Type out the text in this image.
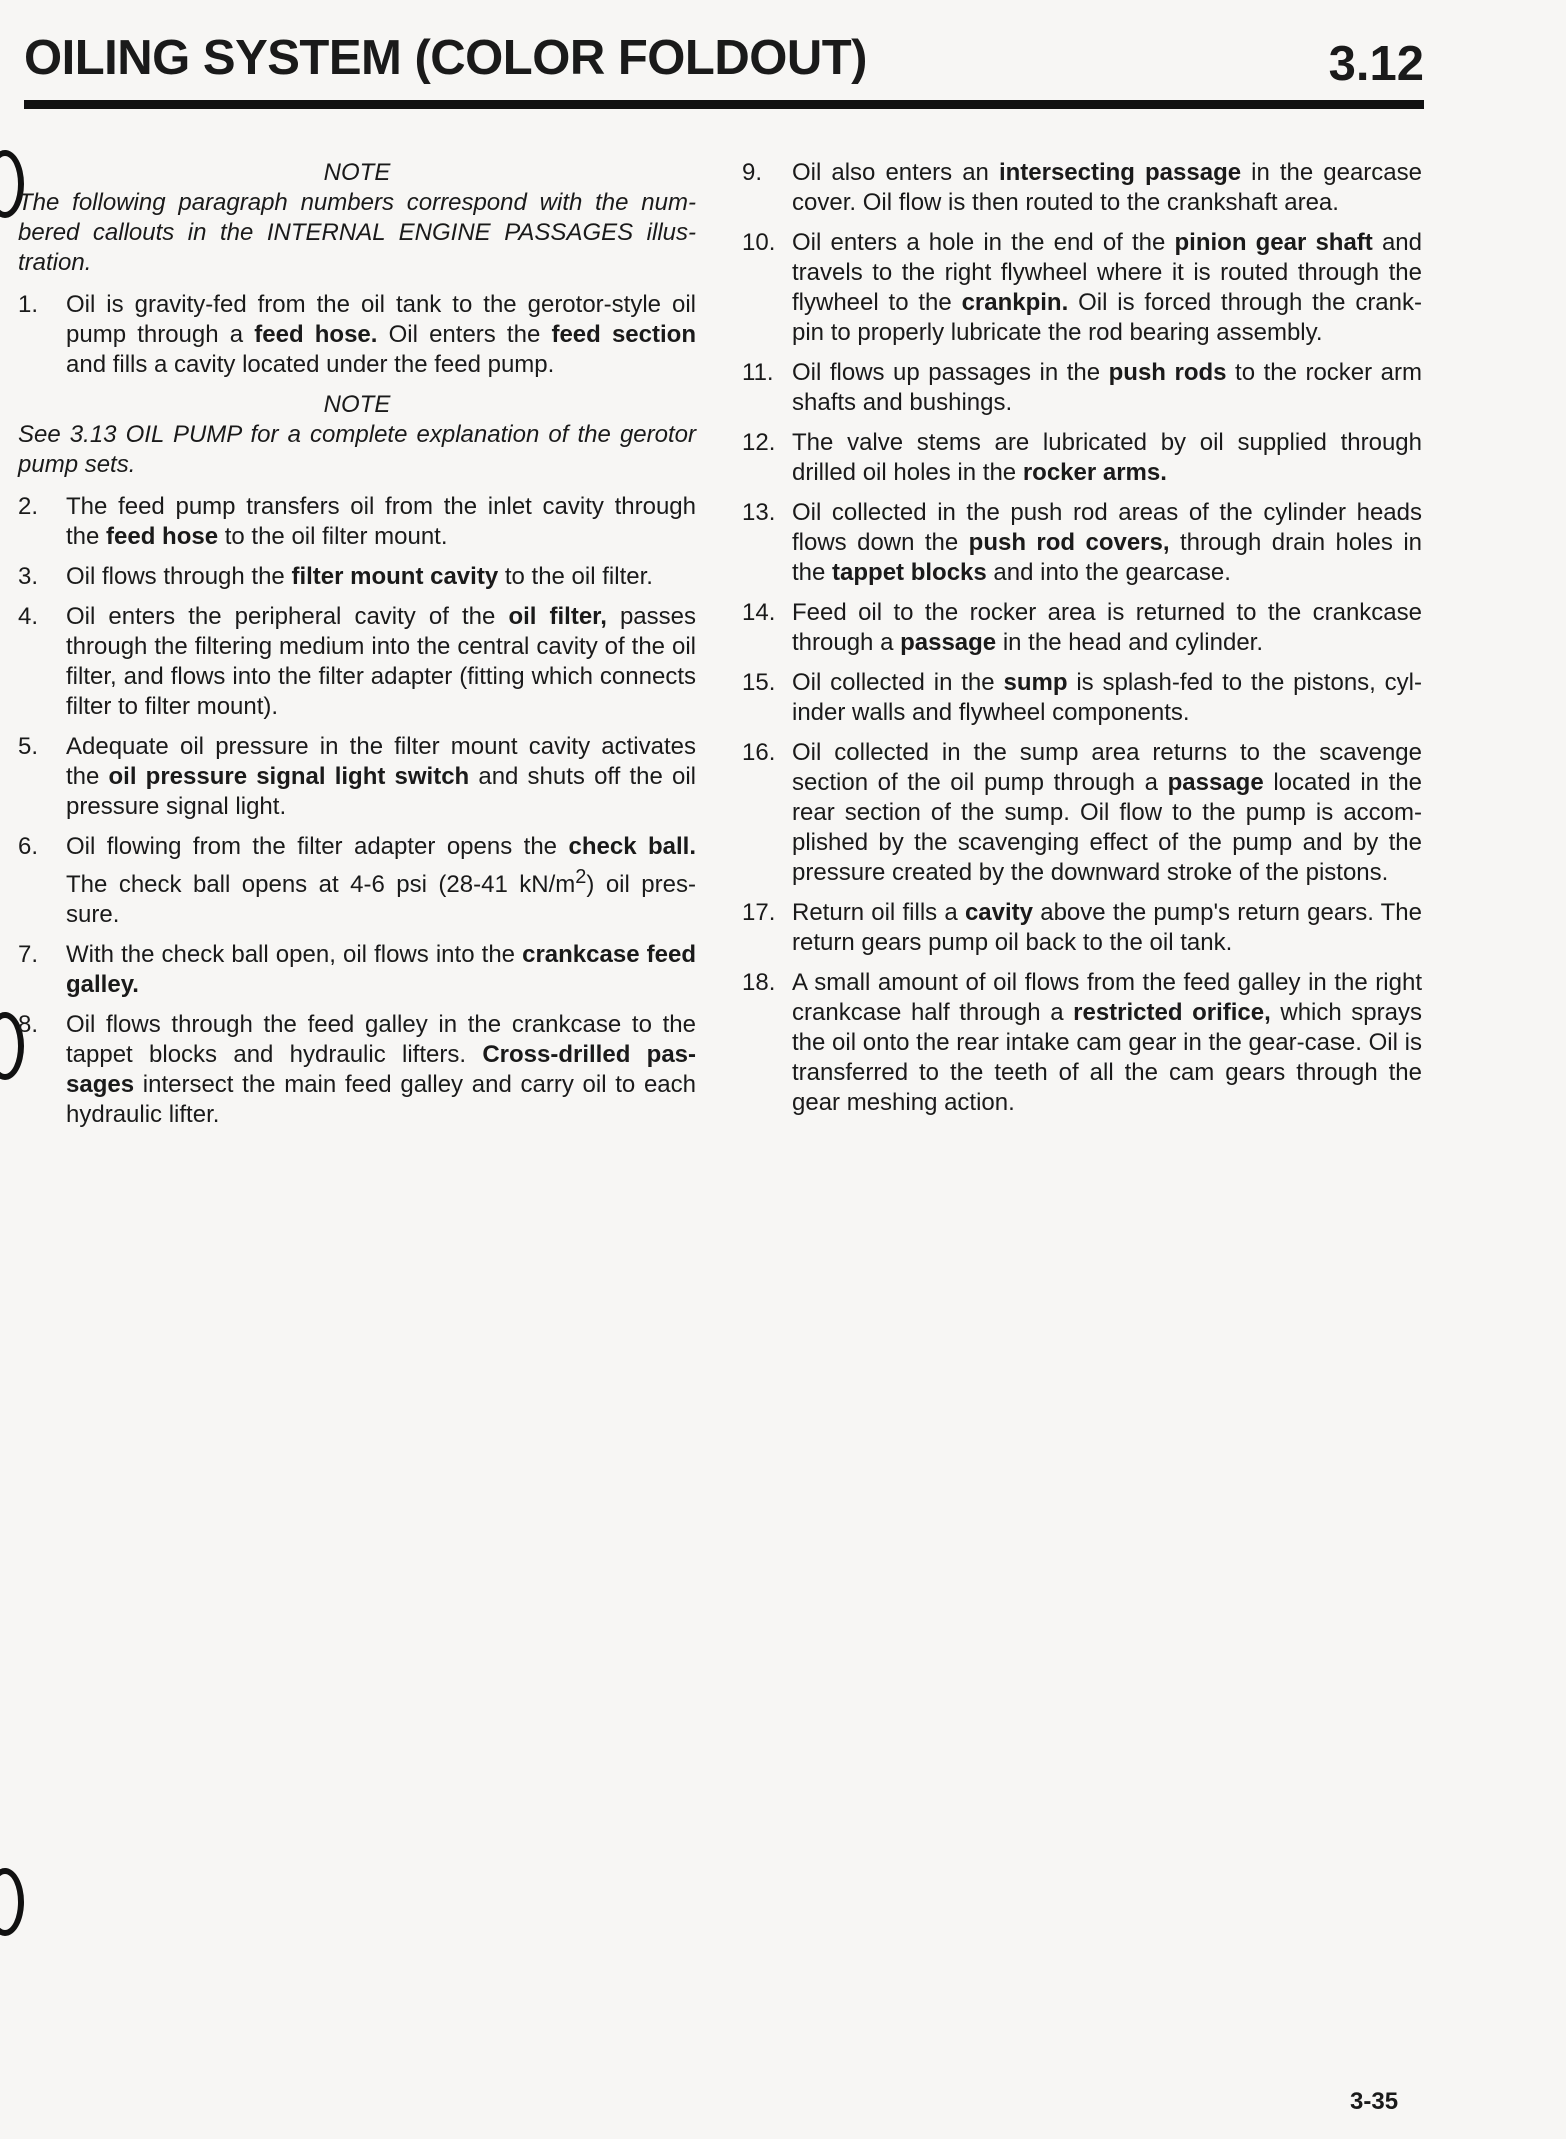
OILING SYSTEM (COLOR FOLDOUT)	3.12

NOTE

The following paragraph numbers correspond with the num-bered callouts in the INTERNAL ENGINE PASSAGES illus-tration.

1. Oil is gravity-fed from the oil tank to the gerotor-style oil pump through a feed hose. Oil enters the feed section and fills a cavity located under the feed pump.

NOTE

See 3.13 OIL PUMP for a complete explanation of the gerotor pump sets.

2. The feed pump transfers oil from the inlet cavity through the feed hose to the oil filter mount.
3. Oil flows through the filter mount cavity to the oil filter.
4. Oil enters the peripheral cavity of the oil filter, passes through the filtering medium into the central cavity of the oil filter, and flows into the filter adapter (fitting which connects filter to filter mount).
5. Adequate oil pressure in the filter mount cavity activates the oil pressure signal light switch and shuts off the oil pressure signal light.
6. Oil flowing from the filter adapter opens the check ball. The check ball opens at 4-6 psi (28-41 $kN/m^2$) oil pres-sure.
7. With the check ball open, oil flows into the crankcase feed galley.
8. Oil flows through the feed galley in the crankcase to the tappet blocks and hydraulic lifters. Cross-drilled pas-sages intersect the main feed galley and carry oil to each hydraulic lifter.
9. Oil also enters an intersecting passage in the gearcase cover. Oil flow is then routed to the crankshaft area.
10. Oil enters a hole in the end of the pinion gear shaft and travels to the right flywheel where it is routed through the flywheel to the crankpin. Oil is forced through the crank-pin to properly lubricate the rod bearing assembly.
11. Oil flows up passages in the push rods to the rocker arm shafts and bushings.
12. The valve stems are lubricated by oil supplied through drilled oil holes in the rocker arms.
13. Oil collected in the push rod areas of the cylinder heads flows down the push rod covers, through drain holes in the tappet blocks and into the gearcase.
14. Feed oil to the rocker area is returned to the crankcase through a passage in the head and cylinder.
15. Oil collected in the sump is splash-fed to the pistons, cyl-inder walls and flywheel components.
16. Oil collected in the sump area returns to the scavenge section of the oil pump through a passage located in the rear section of the sump. Oil flow to the pump is accom-plished by the scavenging effect of the pump and by the pressure created by the downward stroke of the pistons.
17. Return oil fills a cavity above the pump's return gears. The return gears pump oil back to the oil tank.
18. A small amount of oil flows from the feed galley in the right crankcase half through a restricted orifice, which sprays the oil onto the rear intake cam gear in the gear-case. Oil is transferred to the teeth of all the cam gears through the gear meshing action.
3-35
